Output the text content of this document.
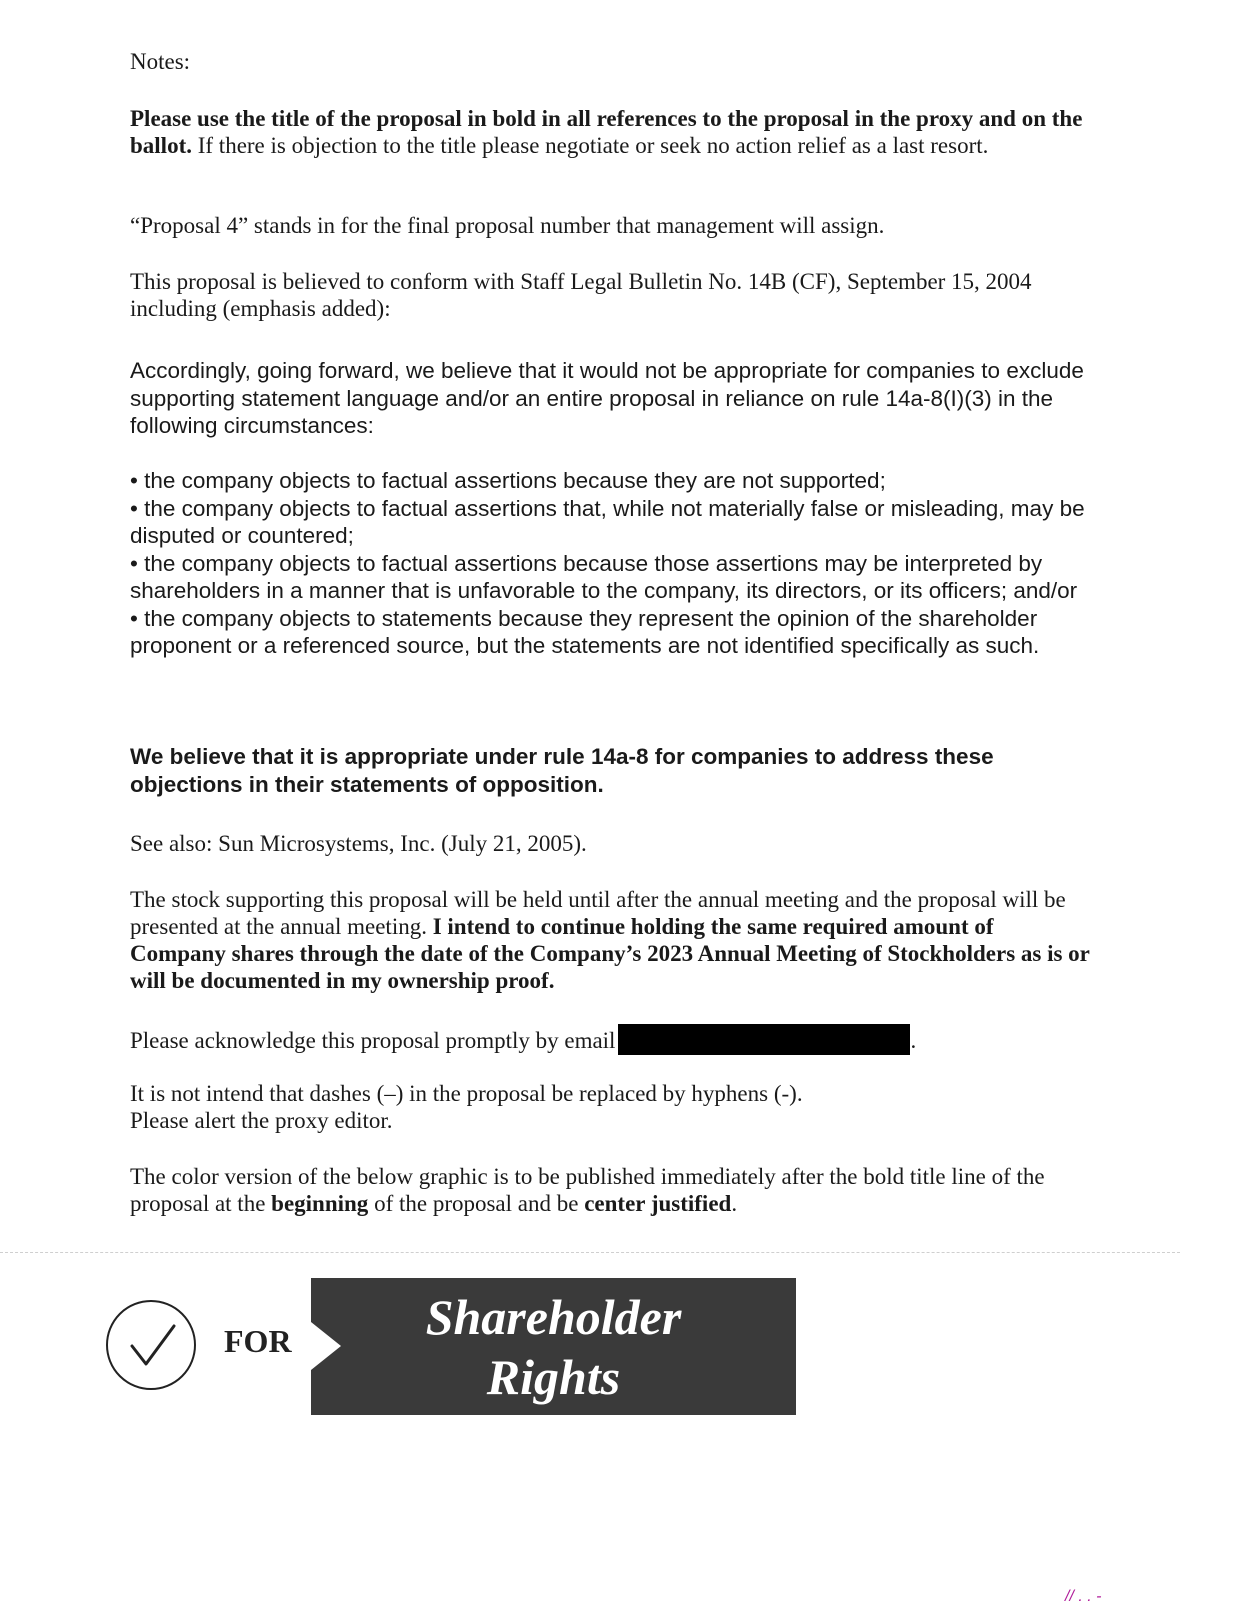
Notes:

Please use the title of the proposal in bold in all references to the proposal in the proxy and on the ballot. If there is objection to the title please negotiate or seek no action relief as a last resort.

“Proposal 4” stands in for the final proposal number that management will assign.

This proposal is believed to conform with Staff Legal Bulletin No. 14B (CF), September 15, 2004 including (emphasis added):

Accordingly, going forward, we believe that it would not be appropriate for companies to exclude supporting statement language and/or an entire proposal in reliance on rule 14a-8(I)(3) in the following circumstances:

• the company objects to factual assertions because they are not supported;

• the company objects to factual assertions that, while not materially false or misleading, may be disputed or countered;

• the company objects to factual assertions because those assertions may be interpreted by shareholders in a manner that is unfavorable to the company, its directors, or its officers; and/or

• the company objects to statements because they represent the opinion of the shareholder proponent or a referenced source, but the statements are not identified specifically as such.

We believe that it is appropriate under rule 14a-8 for companies to address these objections in their statements of opposition.

See also: Sun Microsystems, Inc. (July 21, 2005).

The stock supporting this proposal will be held until after the annual meeting and the proposal will be presented at the annual meeting. I intend to continue holding the same required amount of Company shares through the date of the Company’s 2023 Annual Meeting of Stockholders as is or will be documented in my ownership proof.

Please acknowledge this proposal promptly by email	.

It is not intend that dashes (–) in the proposal be replaced by hyphens (-).

Please alert the proxy editor.

The color version of the below graphic is to be published immediately after the bold title line of the proposal at the beginning of the proposal and be center justified.

FOR	Shareholder
Rights
// . . -
